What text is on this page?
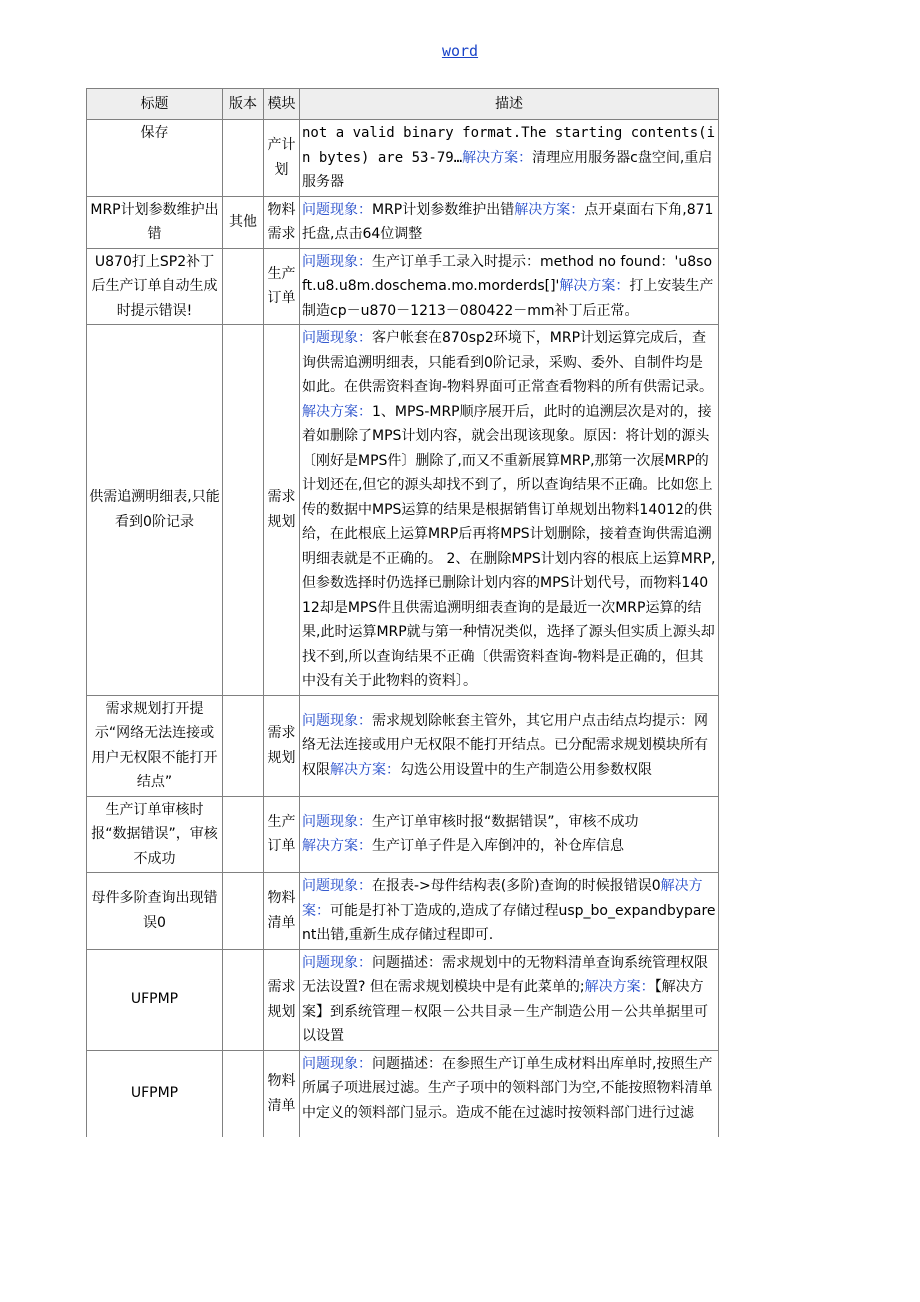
word
标题	版本	模块	描述
保存		产计划	not a valid binary format.The starting contents(in bytes) are 53-79…解决方案：清理应用服务器c盘空间,重启服务器
MRP计划参数维护出错	其他	物料需求	问题现象：MRP计划参数维护出错解决方案：点开桌面右下角,871托盘,点击64位调整
U870打上SP2补丁后生产订单自动生成时提示错误!		生产订单	问题现象：生产订单手工录入时提示：method no found：'u8soft.u8.u8m.doschema.mo.morderds[]'解决方案：打上安装生产制造cp－u870－1213－080422－mm补丁后正常。
供需追溯明细表,只能看到0阶记录		需求规划	问题现象：客户帐套在870sp2环境下，MRP计划运算完成后，查询供需追溯明细表，只能看到0阶记录，采购、委外、自制件均是如此。在供需资料查询-物料界面可正常查看物料的所有供需记录。解决方案：1、MPS-MRP顺序展开后，此时的追溯层次是对的，接着如删除了MPS计划内容，就会出现该现象。原因：将计划的源头〔刚好是MPS件〕删除了,而又不重新展算MRP,那第一次展MRP的计划还在,但它的源头却找不到了，所以查询结果不正确。比如您上传的数据中MPS运算的结果是根据销售订单规划出物料14012的供给，在此根底上运算MRP后再将MPS计划删除，接着查询供需追溯明细表就是不正确的。 2、在删除MPS计划内容的根底上运算MRP,但参数选择时仍选择已删除计划内容的MPS计划代号，而物料14012却是MPS件且供需追溯明细表查询的是最近一次MRP运算的结果,此时运算MRP就与第一种情况类似，选择了源头但实质上源头却找不到,所以查询结果不正确〔供需资料查询-物料是正确的，但其中没有关于此物料的资料〕。
需求规划打开提示“网络无法连接或用户无权限不能打开结点”		需求规划	问题现象：需求规划除帐套主管外，其它用户点击结点均提示：网络无法连接或用户无权限不能打开结点。已分配需求规划模块所有权限解决方案：勾选公用设置中的生产制造公用参数权限
生产订单审核时报“数据错误”，审核不成功		生产订单	问题现象：生产订单审核时报“数据错误”，审核不成功
解决方案：生产订单子件是入库倒冲的，补仓库信息
母件多阶查询出现错误0		物料清单	问题现象：在报表->母件结构表(多阶)查询的时候报错误0解决方案：可能是打补丁造成的,造成了存储过程usp_bo_expandbyparent出错,重新生成存储过程即可.
UFPMP		需求规划	问题现象：问题描述：需求规划中的无物料清单查询系统管理权限无法设置? 但在需求规划模块中是有此菜单的;解决方案：【解决方案】到系统管理－权限－公共目录－生产制造公用－公共单据里可以设置
UFPMP		物料清单	问题现象：问题描述：在参照生产订单生成材料出库单时,按照生产所属子项进展过滤。生产子项中的领料部门为空,不能按照物料清单中定义的领料部门显示。造成不能在过滤时按领料部门进行过滤
